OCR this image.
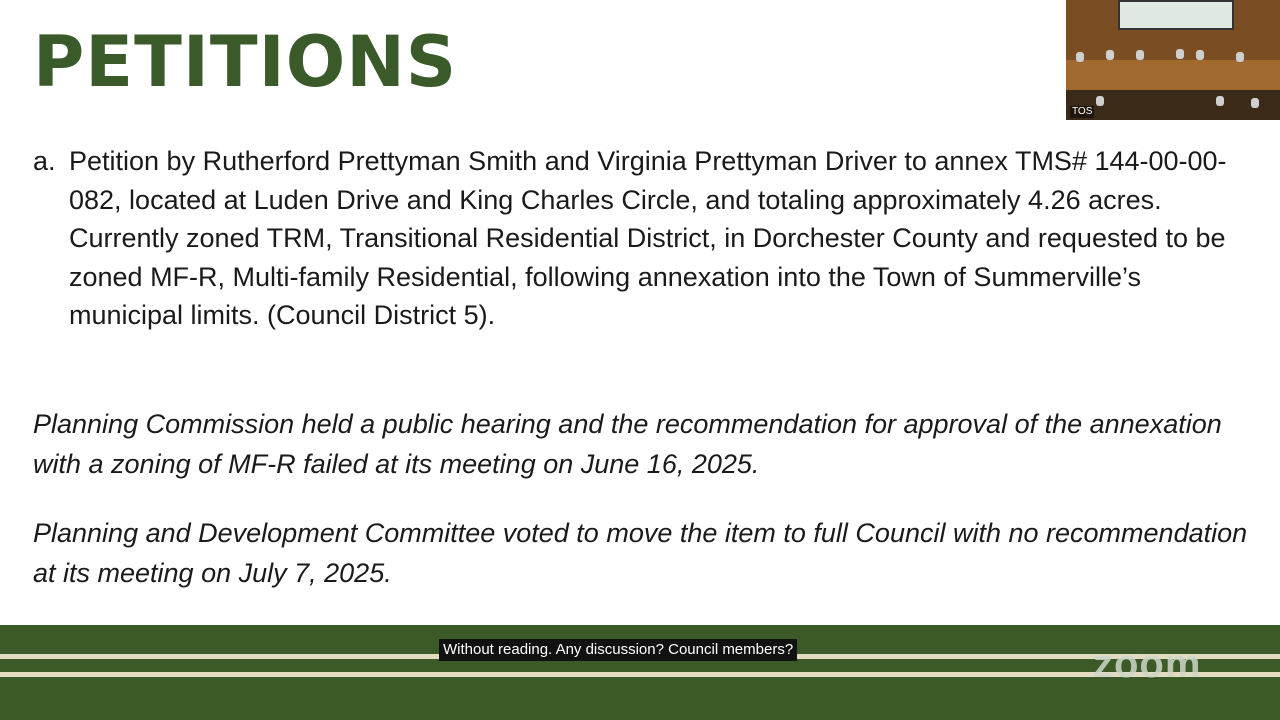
PETITIONS
a. Petition by Rutherford Prettyman Smith and Virginia Prettyman Driver to annex TMS# 144-00-00-082, located at Luden Drive and King Charles Circle, and totaling approximately 4.26 acres. Currently zoned TRM, Transitional Residential District, in Dorchester County and requested to be zoned MF-R, Multi-family Residential, following annexation into the Town of Summerville’s municipal limits. (Council District 5).
Planning Commission held a public hearing and the recommendation for approval of the annexation with a zoning of MF-R failed at its meeting on June 16, 2025.
Planning and Development Committee voted to move the item to full Council with no recommendation at its meeting on July 7, 2025.
Without reading. Any discussion? Council members?	zoom
TOS
